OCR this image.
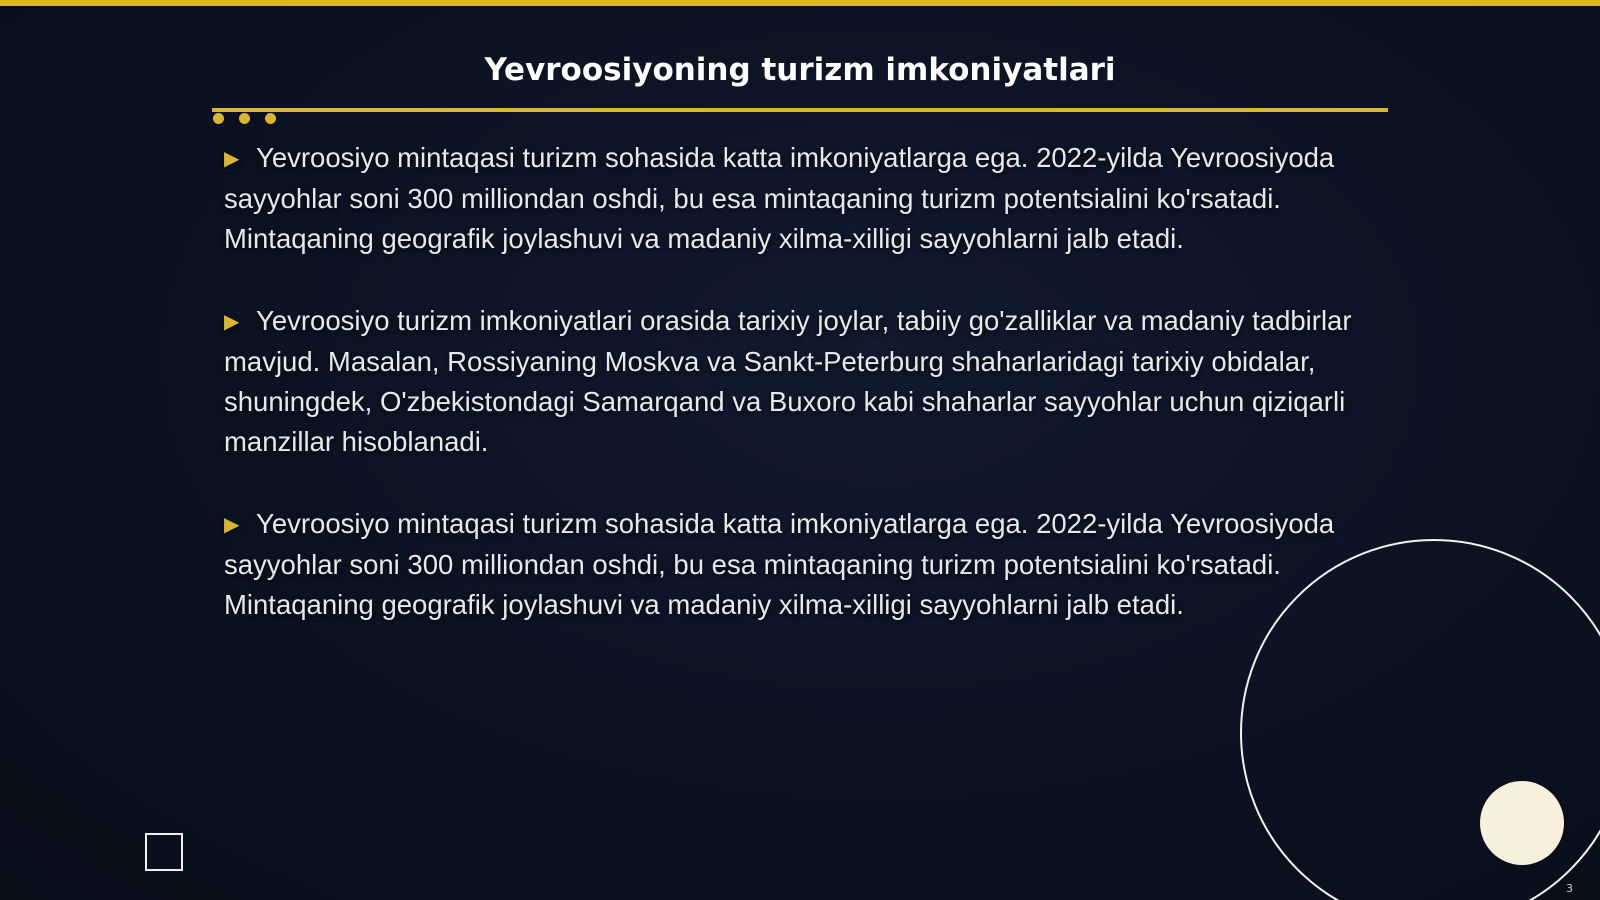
Yevroosiyoning turizm imkoniyatlari

▶ Yevroosiyo mintaqasi turizm sohasida katta imkoniyatlarga ega. 2022-yilda Yevroosiyoda sayyohlar soni 300 milliondan oshdi, bu esa mintaqaning turizm potentsialini ko'rsatadi. Mintaqaning geografik joylashuvi va madaniy xilma-xilligi sayyohlarni jalb etadi.

▶ Yevroosiyo turizm imkoniyatlari orasida tarixiy joylar, tabiiy go'zalliklar va madaniy tadbirlar mavjud. Masalan, Rossiyaning Moskva va Sankt-Peterburg shaharlaridagi tarixiy obidalar, shuningdek, O'zbekistondagi Samarqand va Buxoro kabi shaharlar sayyohlar uchun qiziqarli manzillar hisoblanadi.

▶ Yevroosiyo mintaqasi turizm sohasida katta imkoniyatlarga ega. 2022-yilda Yevroosiyoda sayyohlar soni 300 milliondan oshdi, bu esa mintaqaning turizm potentsialini ko'rsatadi. Mintaqaning geografik joylashuvi va madaniy xilma-xilligi sayyohlarni jalb etadi.

3
